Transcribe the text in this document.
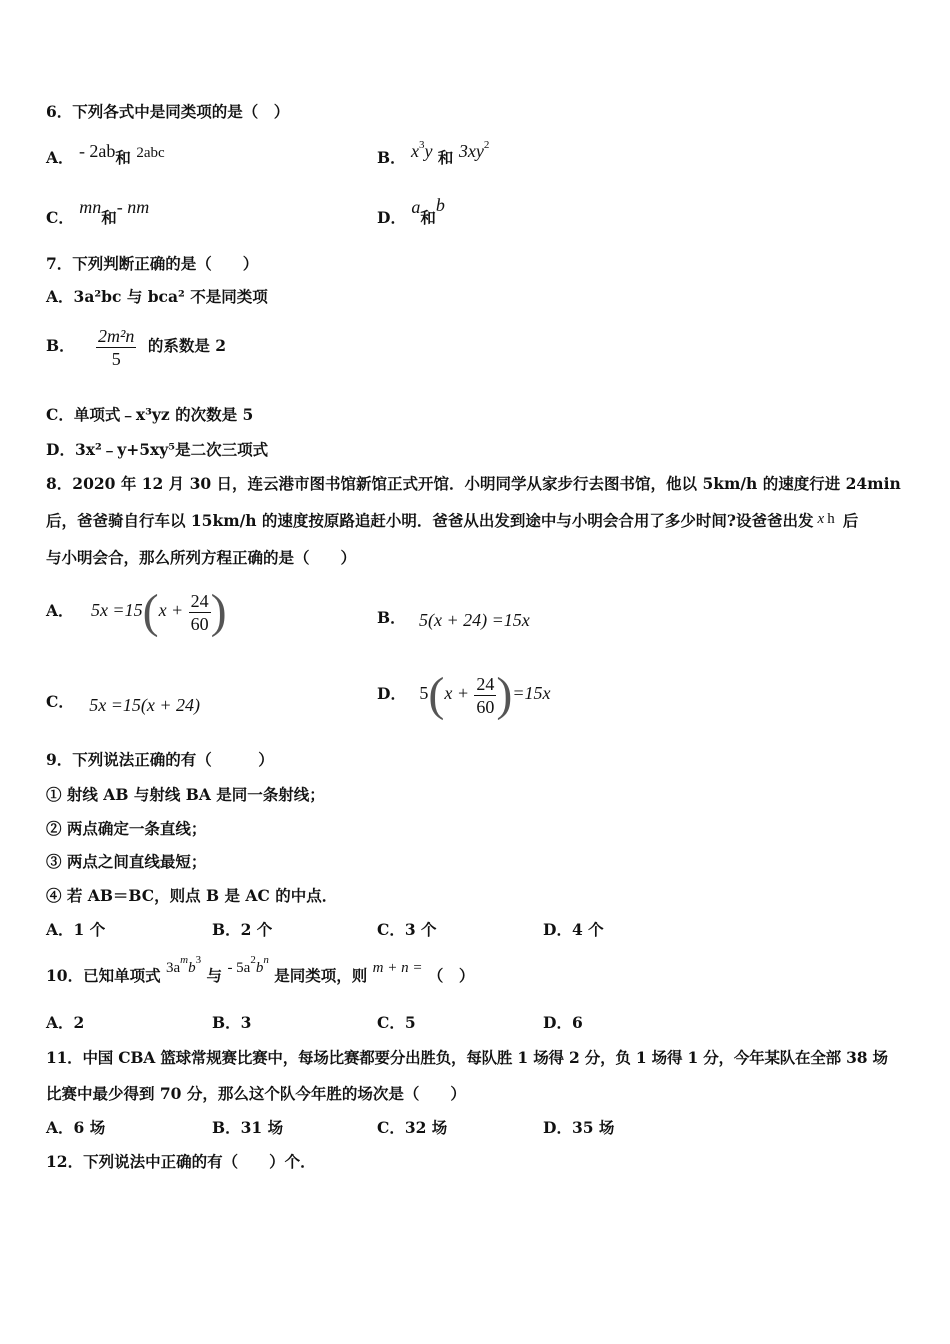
6．下列各式中是同类项的是（　）
A． - 2ab和 2abc	B． $x^3y$ 和 $3xy^2$
C． mn和- nm
D． a和b
7．下列判断正确的是（　　）
A．3a²bc 与 bca² 不是同类项
B． $\frac{\text{2m²n}}{5}$ 的系数是 2
C．单项式﹣x³yz 的次数是 5
D．3x²﹣y+5xy⁵是二次三项式
8．2020 年 12 月 30 日，连云港市图书馆新馆正式开馆．小明同学从家步行去图书馆，他以 5km/h 的速度行进 24min
后，爸爸骑自行车以 15km/h 的速度按原路追赶小明．爸爸从出发到途中与小明会合用了多少时间?设爸爸出发 x h 后
与小明会合，那么所列方程正确的是（　　）
A． $5x =15(x + \frac{24}{60}$ )	B． 5(x + 24) =15x
C． 5x =15(x + 24)
D． $5(x + \frac{24}{60} )=15x$
9．下列说法正确的有（　　　）
① 射线 AB 与射线 BA 是同一条射线；
② 两点确定一条直线；
③ 两点之间直线最短；
④ 若 AB＝BC，则点 B 是 AC 的中点．
A．1 个	B．2 个	C．3 个	D．4 个
10．已知单项式 $3a^mb^3$ 与 - $5a^2b^n$ 是同类项，则 m + n = （　）
A．2	B．3	C．5	D．6
11．中国 CBA 篮球常规赛比赛中，每场比赛都要分出胜负，每队胜 1 场得 2 分，负 1 场得 1 分，今年某队在全部 38 场
比赛中最少得到 70 分，那么这个队今年胜的场次是（　　）
A．6 场	B．31 场	C．32 场	D．35 场
12．下列说法中正确的有（　　）个．
